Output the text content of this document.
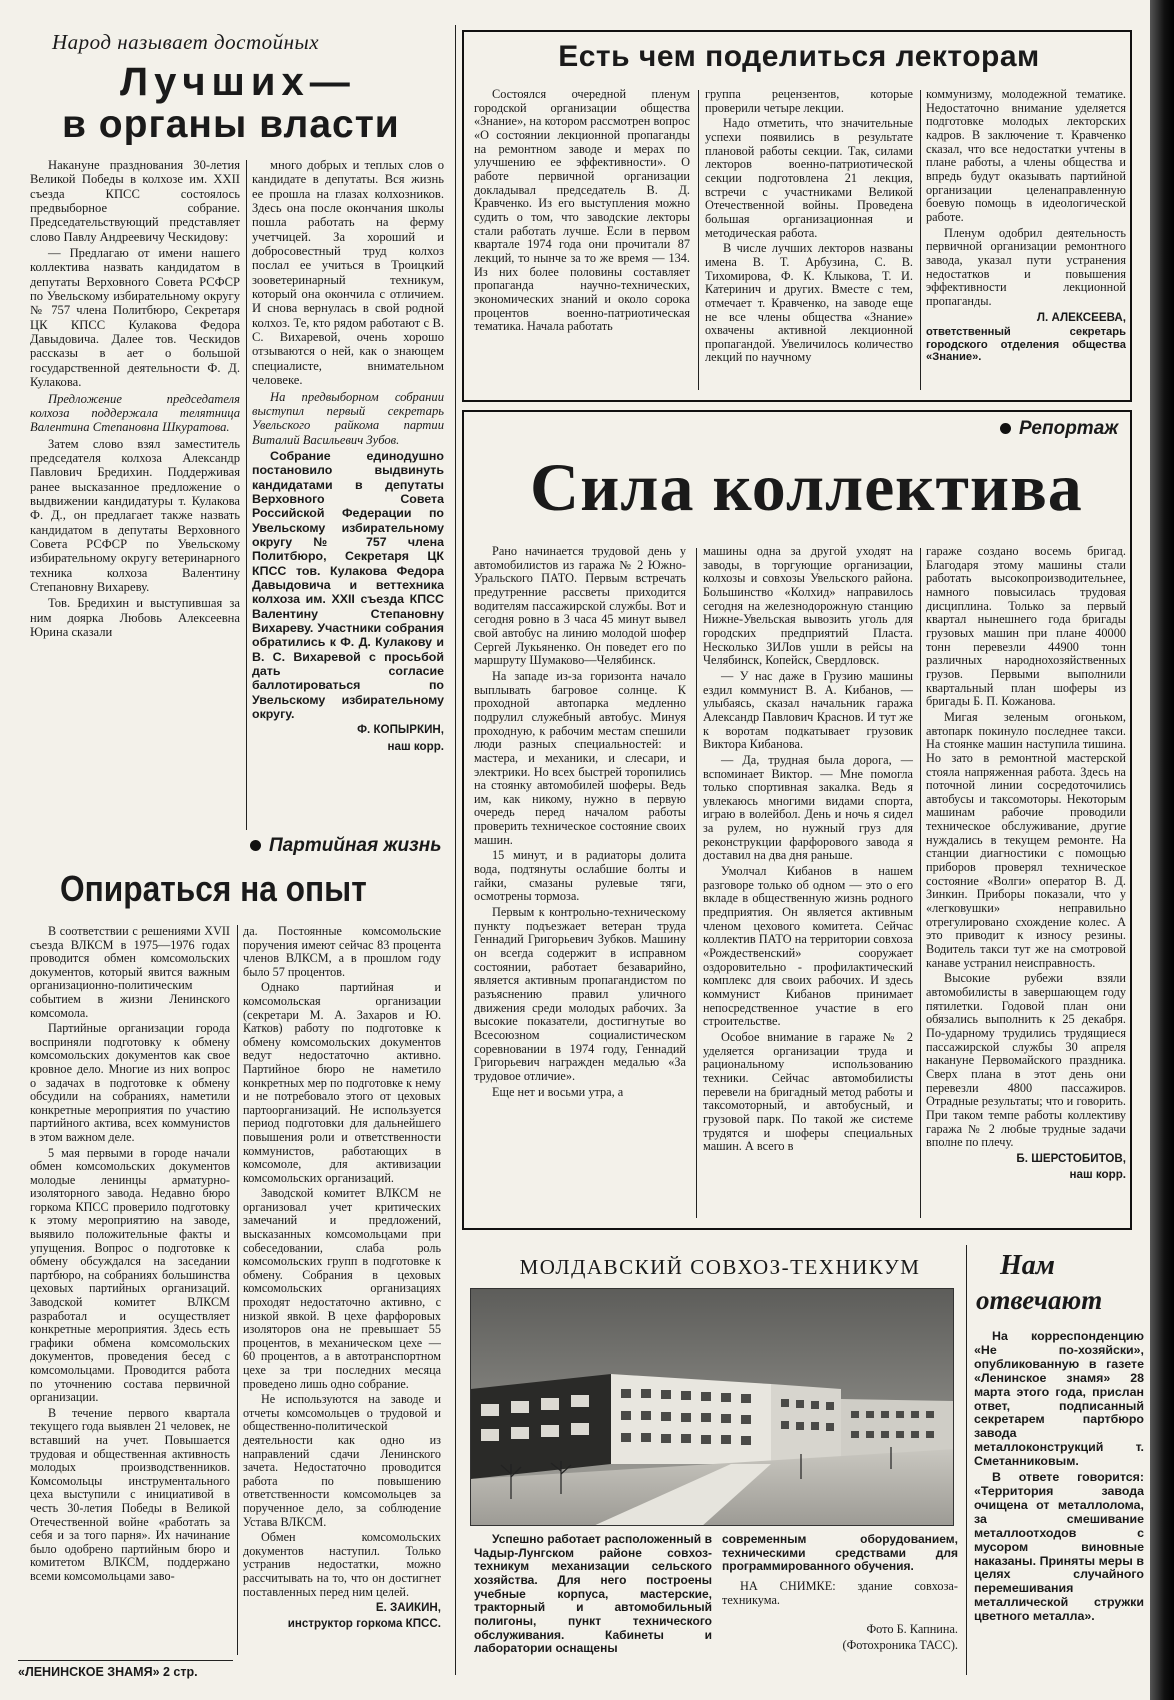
Народ называет достойных
Лучших—
в органы власти

Накануне празднования 30-летия Великой Победы в колхозе им. XXII съезда КПСС состоялось предвыборное собрание. Председательствующий представляет слово Павлу Андреевичу Ческидову:

— Предлагаю от имени нашего коллектива назвать кандидатом в депутаты Верховного Совета РСФСР по Увельскому избирательному округу № 757 члена Политбюро, Секретаря ЦК КПСС Кулакова Федора Давыдовича. Далее тов. Ческидов рассказы в ает о большой государственной деятельности Ф. Д. Кулакова.

Предложение председателя колхоза поддержала телятница Валентина Степановна Шкуратова.

Затем слово взял заместитель председателя колхоза Александр Павлович Бредихин. Поддерживая ранее высказанное предложение о выдвижении кандидатуры т. Кулакова Ф. Д., он предлагает также назвать кандидатом в депутаты Верховного Совета РСФСР по Увельскому избирательному округу ветеринарного техника колхоза Валентину Степановну Вихареву.

Тов. Бредихин и выступившая за ним доярка Любовь Алексеевна Юрина сказали

много добрых и теплых слов о кандидате в депутаты. Вся жизнь ее прошла на глазах колхозников. Здесь она после окончания школы пошла работать на ферму учетчицей. За хороший и добросовестный труд колхоз послал ее учиться в Троицкий зооветеринарный техникум, который она окончила с отличием. И снова вернулась в свой родной колхоз. Те, кто рядом работают с В. С. Вихаревой, очень хорошо отзываются о ней, как о знающем специалисте, внимательном человеке.

На предвыборном собрании выступил первый секретарь Увельского райкома партии Виталий Васильевич Зубов.

Собрание единодушно постановило выдвинуть кандидатами в депутаты Верховного Совета Российской Федерации по Увельскому избирательному округу № 757 члена Политбюро, Секретаря ЦК КПСС тов. Кулакова Федора Давыдовича и веттехника колхоза им. XXII съезда КПСС Валентину Степановну Вихареву. Участники собрания обратились к Ф. Д. Кулакову и В. С. Вихаревой с просьбой дать согласие баллотироваться по Увельскому избирательному округу.

Ф. КОПЫРКИН,

наш корр.

Партийная жизнь
Опираться на опыт

В соответствии с решениями XVII съезда ВЛКСМ в 1975—1976 годах проводится обмен комсомольских документов, который явится важным организационно-политическим событием в жизни Ленинского комсомола.

Партийные организации города восприняли подготовку к обмену комсомольских документов как свое кровное дело. Многие из них вопрос о задачах в подготовке к обмену обсудили на собраниях, наметили конкретные мероприятия по участию партийного актива, всех коммунистов в этом важном деле.

5 мая первыми в городе начали обмен комсомольских документов молодые ленинцы арматурно-изоляторного завода. Недавно бюро горкома КПСС проверило подготовку к этому мероприятию на заводе, выявило положительные факты и упущения. Вопрос о подготовке к обмену обсуждался на заседании партбюро, на собраниях большинства цеховых партийных организаций. Заводской комитет ВЛКСМ разработал и осуществляет конкретные мероприятия. Здесь есть графики обмена комсомольских документов, проведения бесед с комсомольцами. Проводится работа по уточнению состава первичной организации.

В течение первого квартала текущего года выявлен 21 человек, не вставший на учет. Повышается трудовая и общественная активность молодых производственников. Комсомольцы инструментального цеха выступили с инициативой в честь 30-летия Победы в Великой Отечественной войне «работать за себя и за того парня». Их начинание было одобрено партийным бюро и комитетом ВЛКСМ, поддержано всеми комсомольцами заво-

да. Постоянные комсомольские поручения имеют сейчас 83 процента членов ВЛКСМ, а в прошлом году было 57 процентов.

Однако партийная и комсомольская организации (секретари М. А. Захаров и Ю. Катков) работу по подготовке к обмену комсомольских документов ведут недостаточно активно. Партийное бюро не наметило конкретных мер по подготовке к нему и не потребовало этого от цеховых партоорганизаций. Не используется период подготовки для дальнейшего повышения роли и ответственности коммунистов, работающих в комсомоле, для активизации комсомольских организаций.

Заводской комитет ВЛКСМ не организовал учет критических замечаний и предложений, высказанных комсомольцами при собеседовании, слаба роль комсомольских групп в подготовке к обмену. Собрания в цеховых комсомольских организациях проходят недостаточно активно, с низкой явкой. В цехе фарфоровых изоляторов она не превышает 55 процентов, в механическом цехе — 60 процентов, а в автотранспортном цехе за три последних месяца проведено лишь одно собрание.

Не используются на заводе и отчеты комсомольцев о трудовой и общественно-политической деятельности как одно из направлений сдачи Ленинского зачета. Недостаточно проводится работа по повышению ответственности комсомольцев за порученное дело, за соблюдение Устава ВЛКСМ.

Обмен комсомольских документов наступил. Только устранив недостатки, можно рассчитывать на то, что он достигнет поставленных перед ним целей.

Е. ЗАИКИН,

инструктор горкома КПСС.

«ЛЕНИНСКОЕ ЗНАМЯ» 2 стр.
Есть чем поделиться лекторам

Состоялся очередной пленум городской организации общества «Знание», на котором рассмотрен вопрос «О состоянии лекционной пропаганды на ремонтном заводе и мерах по улучшению ее эффективности». О работе первичной организации докладывал председатель В. Д. Кравченко. Из его выступления можно судить о том, что заводские лекторы стали работать лучше. Если в первом квартале 1974 года они прочитали 87 лекций, то нынче за то же время — 134. Из них более половины составляет пропаганда научно-технических, экономических знаний и около сорока процентов военно-патриотическая тематика. Начала работать

группа рецензентов, которые проверили четыре лекции.

Надо отметить, что значительные успехи появились в результате плановой работы секции. Так, силами лекторов военно-патриотической секции подготовлена 21 лекция, встречи с участниками Великой Отечественной войны. Проведена большая организационная и методическая работа.

В числе лучших лекторов названы имена В. Т. Арбузина, С. В. Тихомирова, Ф. К. Клыкова, Т. И. Катеринич и других. Вместе с тем, отмечает т. Кравченко, на заводе еще не все члены общества «Знание» охвачены активной лекционной пропагандой. Увеличилось количество лекций по научному

коммунизму, молодежной тематике. Недостаточно внимание уделяется подготовке молодых лекторских кадров. В заключение т. Кравченко сказал, что все недостатки учтены в плане работы, а члены общества и впредь будут оказывать партийной организации целенаправленную боевую помощь в идеологической работе.

Пленум одобрил деятельность первичной организации ремонтного завода, указал пути устранения недостатков и повышения эффективности лекционной пропаганды.

Л. АЛЕКСЕЕВА,

ответственный секретарь городского отделения общества «Знание».

Репортаж
Сила коллектива

Рано начинается трудовой день у автомобилистов из гаража № 2 Южно-Уральского ПАТО. Первым встречать предутренние рассветы приходится водителям пассажирской службы. Вот и сегодня ровно в 3 часа 45 минут вывел свой автобус на линию молодой шофер Сергей Лукьяненко. Он поведет его по маршруту Шумаково—Челябинск.

На западе из-за горизонта начало выплывать багровое солнце. К проходной автопарка медленно подрулил служебный автобус. Минуя проходную, к рабочим местам спешили люди разных специальностей: и мастера, и механики, и слесари, и электрики. Но всех быстрей торопились на стоянку автомобилей шоферы. Ведь им, как никому, нужно в первую очередь перед началом работы проверить техническое состояние своих машин.

15 минут, и в радиаторы долита вода, подтянуты ослабшие болты и гайки, смазаны рулевые тяги, осмотрены тормоза.

Первым к контрольно-техническому пункту подъезжает ветеран труда Геннадий Григорьевич Зубков. Машину он всегда содержит в исправном состоянии, работает безаварийно, является активным пропагандистом по разъяснению правил уличного движения среди молодых рабочих. За высокие показатели, достигнутые во Всесоюзном социалистическом соревновании в 1974 году, Геннадий Григорьевич награжден медалью «За трудовое отличие».

Еще нет и восьми утра, а

машины одна за другой уходят на заводы, в торгующие организации, колхозы и совхозы Увельского района. Большинство «Колхид» направилось сегодня на железнодорожную станцию Нижне-Увельская вывозить уголь для городских предприятий Пласта. Несколько ЗИЛов ушли в рейсы на Челябинск, Копейск, Свердловск.

— У нас даже в Грузию машины ездил коммунист В. А. Кибанов, — улыбаясь, сказал начальник гаража Александр Павлович Краснов. И тут же к воротам подкатывает грузовик Виктора Кибанова.

— Да, трудная была дорога, — вспоминает Виктор. — Мне помогла только спортивная закалка. Ведь я увлекаюсь многими видами спорта, играю в волейбол. День и ночь я сидел за рулем, но нужный груз для реконструкции фарфорового завода я доставил на два дня раньше.

Умолчал Кибанов в нашем разговоре только об одном — это о его вкладе в общественную жизнь родного предприятия. Он является активным членом цехового комитета. Сейчас коллектив ПАТО на территории совхоза «Рождественский» сооружает оздоровительно - профилактический комплекс для своих рабочих. И здесь коммунист Кибанов принимает непосредственное участие в его строительстве.

Особое внимание в гараже № 2 уделяется организации труда и рациональному использованию техники. Сейчас автомобилисты перевели на бригадный метод работы и таксомоторный, и автобусный, и грузовой парк. По такой же системе трудятся и шоферы специальных машин. А всего в

гараже создано восемь бригад. Благодаря этому машины стали работать высокопроизводительнее, намного повысилась трудовая дисциплина. Только за первый квартал нынешнего года бригады грузовых машин при плане 40000 тонн перевезли 44900 тонн различных народнохозяйственных грузов. Первыми выполнили квартальный план шоферы из бригады Б. П. Кожанова.

Мигая зеленым огоньком, автопарк покинуло последнее такси. На стоянке машин наступила тишина. Но зато в ремонтной мастерской стояла напряженная работа. Здесь на поточной линии сосредоточились автобусы и таксомоторы. Некоторым машинам рабочие проводили техническое обслуживание, другие нуждались в текущем ремонте. На станции диагностики с помощью приборов проверял техническое состояние «Волги» оператор В. Д. Зинкин. Приборы показали, что у «легковушки» неправильно отрегулировано схождение колес. А это приводит к износу резины. Водитель такси тут же на смотровой канаве устранил неисправность.

Высокие рубежи взяли автомобилисты в завершающем году пятилетки. Годовой план они обязались выполнить к 25 декабря. По-ударному трудились трудящиеся пассажирской службы 30 апреля накануне Первомайского праздника. Сверх плана в этот день они перевезли 4800 пассажиров. Отрадные результаты; что и говорить. При таком темпе работы коллективу гаража № 2 любые трудные задачи вполне по плечу.

Б. ШЕРСТОБИТОВ,

наш корр.

МОЛДАВСКИЙ СОВХОЗ-ТЕХНИКУМ

Успешно работает расположенный в Чадыр-Лунгском районе совхоз-техникум механизации сельского хозяйства. Для него построены учебные корпуса, мастерские, тракторный и автомобильный полигоны, пункт технического обслуживания. Кабинеты и лаборатории оснащены

современным оборудованием, техническими средствами для программированного обучения.

НА СНИМКЕ: здание совхоза-техникума.

Фото Б. Капнина.

(Фотохроника ТАСС).

Нам
отвечают

На корреспонденцию «Не по-хозяйски», опубликованную в газете «Ленинское знамя» 28 марта этого года, прислан ответ, подписанный секретарем партбюро завода металлоконструкций т. Сметанниковым.

В ответе говорится: «Территория завода очищена от металлолома, за смешивание металлоотходов с мусором виновные наказаны. Приняты меры в целях случайного перемешивания металлической стружки цветного металла».
